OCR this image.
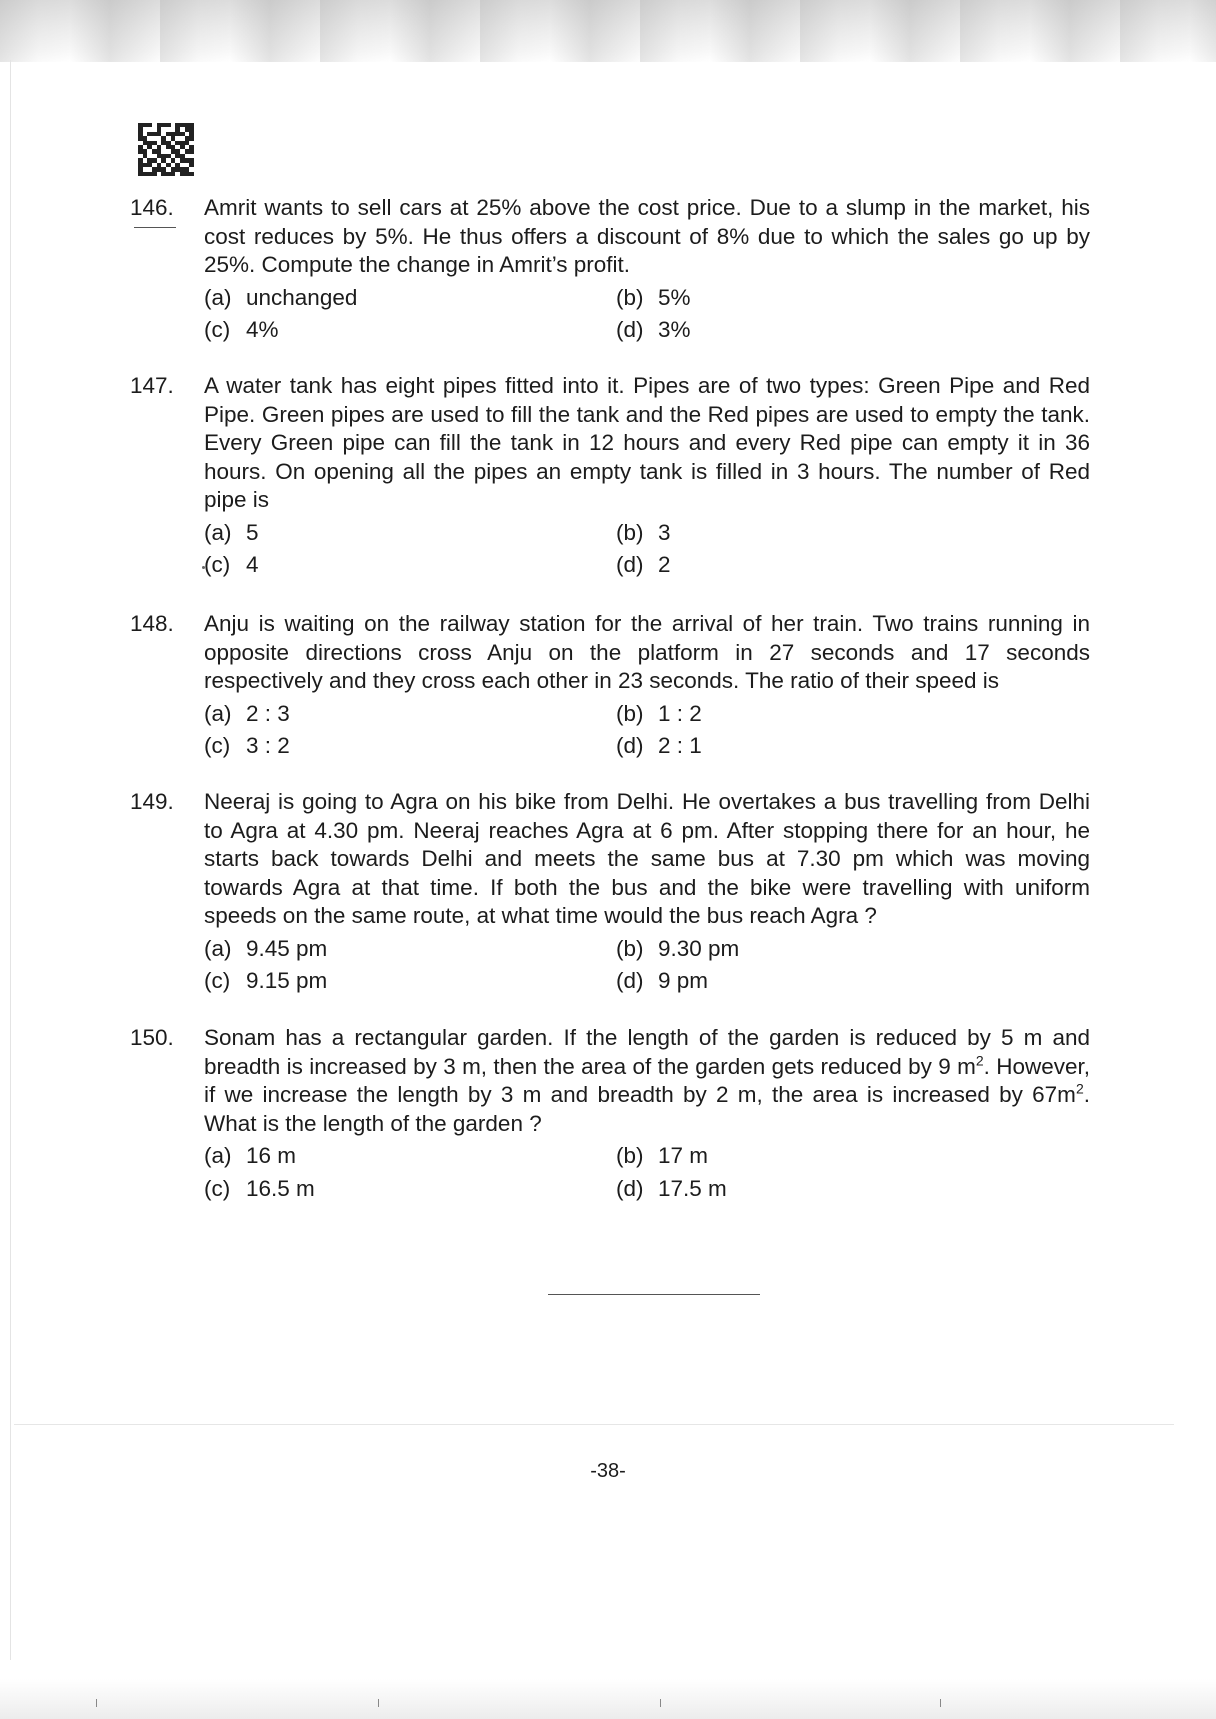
146.	Amrit wants to sell cars at 25% above the cost price. Due to a slump in the market, his cost reduces by 5%. He thus offers a discount of 8% due to which the sales go up by 25%. Compute the change in Amrit’s profit.
(a) unchanged	(b) 5%
(c) 4%	(d) 3%
147.	A water tank has eight pipes fitted into it. Pipes are of two types: Green Pipe and Red Pipe. Green pipes are used to fill the tank and the Red pipes are used to empty the tank. Every Green pipe can fill the tank in 12 hours and every Red pipe can empty it in 36 hours. On opening all the pipes an empty tank is filled in 3 hours. The number of Red pipe is
(a) 5	(b) 3
(c) 4	(d) 2
148.	Anju is waiting on the railway station for the arrival of her train. Two trains running in opposite directions cross Anju on the platform in 27 seconds and 17 seconds respectively and they cross each other in 23 seconds. The ratio of their speed is
(a) 2 : 3	(b) 1 : 2
(c) 3 : 2	(d) 2 : 1
149.	Neeraj is going to Agra on his bike from Delhi. He overtakes a bus travelling from Delhi to Agra at 4.30 pm. Neeraj reaches Agra at 6 pm. After stopping there for an hour, he starts back towards Delhi and meets the same bus at 7.30 pm which was moving towards Agra at that time. If both the bus and the bike were travelling with uniform speeds on the same route, at what time would the bus reach Agra ?
(a) 9.45 pm	(b) 9.30 pm
(c) 9.15 pm	(d) 9 pm
150.	Sonam has a rectangular garden. If the length of the garden is reduced by 5 m and breadth is increased by 3 m, then the area of the garden gets reduced by 9 $m^2$. However, if we increase the length by 3 m and breadth by 2 m, the area is increased by $67m^2$. What is the length of the garden ?
(a) 16 m	(b) 17 m
(c) 16.5 m	(d) 17.5 m
-38-
